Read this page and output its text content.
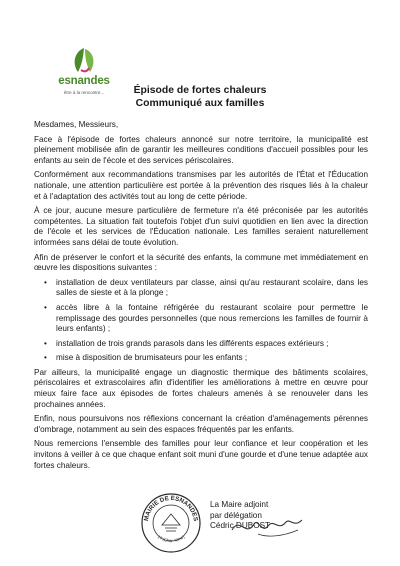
esnandes
être à la rencontre...	Épisode de fortes chaleurs
Communiqué aux familles

Mesdames, Messieurs,

Face à l'épisode de fortes chaleurs annoncé sur notre territoire, la municipalité est pleinement mobilisée afin de garantir les meilleures conditions d'accueil possibles pour les enfants au sein de l'école et des services périscolaires.

Conformément aux recommandations transmises par les autorités de l'État et l'Éducation nationale, une attention particulière est portée à la prévention des risques liés à la chaleur et à l'adaptation des activités tout au long de cette période.

À ce jour, aucune mesure particulière de fermeture n'a été préconisée par les autorités compétentes. La situation fait toutefois l'objet d'un suivi quotidien en lien avec la direction de l'école et les services de l'Éducation nationale. Les familles seraient naturellement informées sans délai de toute évolution.

Afin de préserver le confort et la sécurité des enfants, la commune met immédiatement en œuvre les dispositions suivantes :

• installation de deux ventilateurs par classe, ainsi qu'au restaurant scolaire, dans les salles de sieste et à la plonge ;
• accès libre à la fontaine réfrigérée du restaurant scolaire pour permettre le remplissage des gourdes personnelles (que nous remercions les familles de fournir à leurs enfants) ;
• installation de trois grands parasols dans les différents espaces extérieurs ;
• mise à disposition de brumisateurs pour les enfants ;

Par ailleurs, la municipalité engage un diagnostic thermique des bâtiments scolaires, périscolaires et extrascolaires afin d'identifier les améliorations à mettre en œuvre pour mieux faire face aux épisodes de fortes chaleurs amenés à se renouveler dans les prochaines années.

Enfin, nous poursuivons nos réflexions concernant la création d'aménagements pérennes d'ombrage, notamment au sein des espaces fréquentés par les enfants.

Nous remercions l'ensemble des familles pour leur confiance et leur coopération et les invitons à veiller à ce que chaque enfant soit muni d'une gourde et d'une tenue adaptée aux fortes chaleurs.

MAIRIE DE ESNANDES
17 (Char. Mme)
La Maire adjoint
par délégation
Cédric DUBOST
